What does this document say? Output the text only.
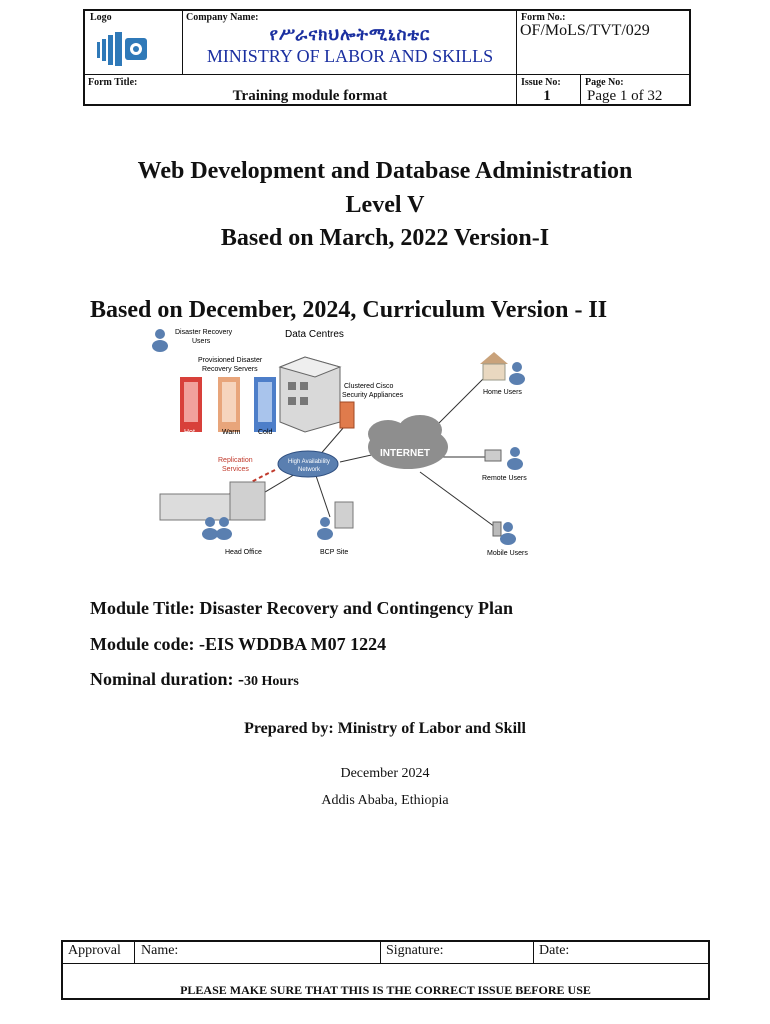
Logo	Company Name:
የሥራናክህሎትሚኒስቴር
MINISTRY OF LABOR AND SKILLS
Form No.:
OF/MoLS/TVT/029
Form Title:
Training module format
Issue No:
1
Page No:
Page 1 of 32
Web Development and Database Administration
Level V
Based on March, 2022 Version-I
Based on December, 2024, Curriculum Version - II
Disaster Recovery
Users
Data Centres
Provisioned Disaster
Recovery Servers
Hot	Warm	Cold
Clustered Cisco
Security Appliances	Home Users
INTERNET
Replication
Services
High Availability
Network
Remote Users
Head Office	BCP Site	Mobile Users
Module Title: Disaster Recovery and Contingency Plan
Module code: -EIS WDDBA M07 1224
Nominal duration: -30 Hours
Prepared by: Ministry of Labor and Skill
December 2024
Addis Ababa, Ethiopia
Approval Name:	Signature:	Date:
PLEASE MAKE SURE THAT THIS IS THE CORRECT ISSUE BEFORE USE
